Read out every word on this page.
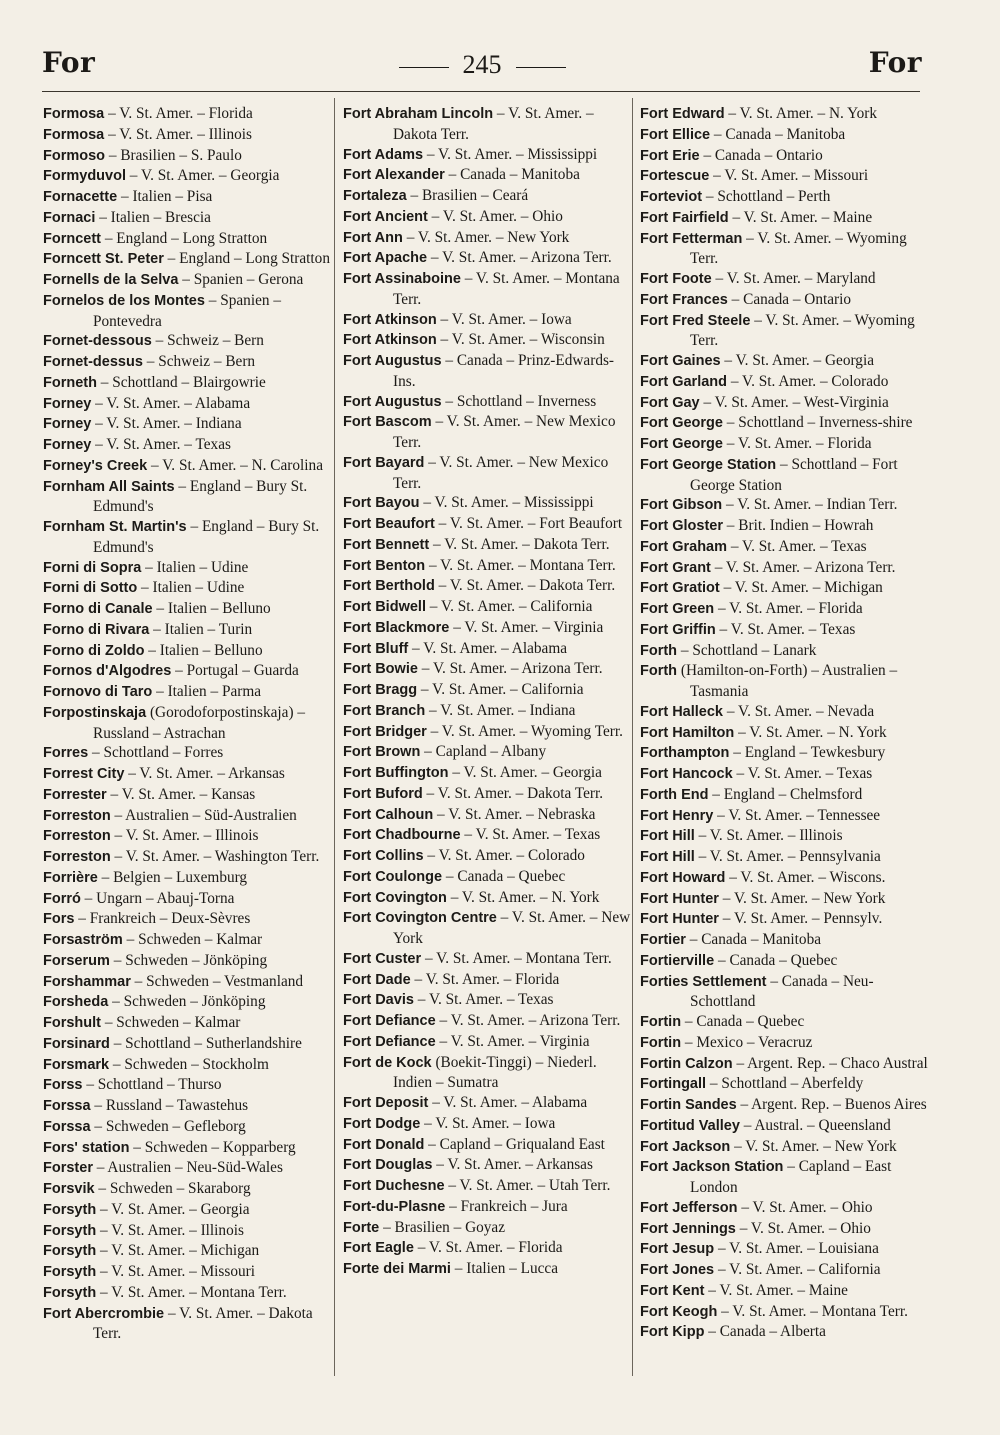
For	245	For

Formosa – V. St. Amer. – Florida

Formosa – V. St. Amer. – Illinois

Formoso – Brasilien – S. Paulo

Formyduvol – V. St. Amer. – Georgia

Fornacette – Italien – Pisa

Fornaci – Italien – Brescia

Forncett – England – Long Stratton

Forncett St. Peter – England – Long Stratton

Fornells de la Selva – Spanien – Gerona

Fornelos de los Montes – Spanien – Pontevedra

Fornet-dessous – Schweiz – Bern

Fornet-dessus – Schweiz – Bern

Forneth – Schottland – Blairgowrie

Forney – V. St. Amer. – Alabama

Forney – V. St. Amer. – Indiana

Forney – V. St. Amer. – Texas

Forney's Creek – V. St. Amer. – N. Carolina

Fornham All Saints – England – Bury St. Edmund's

Fornham St. Martin's – England – Bury St. Edmund's

Forni di Sopra – Italien – Udine

Forni di Sotto – Italien – Udine

Forno di Canale – Italien – Belluno

Forno di Rivara – Italien – Turin

Forno di Zoldo – Italien – Belluno

Fornos d'Algodres – Portugal – Guarda

Fornovo di Taro – Italien – Parma

Forpostinskaja (Gorodoforpostinskaja) – Russland – Astrachan

Forres – Schottland – Forres

Forrest City – V. St. Amer. – Arkansas

Forrester – V. St. Amer. – Kansas

Forreston – Australien – Süd-Australien

Forreston – V. St. Amer. – Illinois

Forreston – V. St. Amer. – Washington Terr.

Forrière – Belgien – Luxemburg

Forró – Ungarn – Abauj-Torna

Fors – Frankreich – Deux-Sèvres

Forsaström – Schweden – Kalmar

Forserum – Schweden – Jönköping

Forshammar – Schweden – Vestmanland

Forsheda – Schweden – Jönköping

Forshult – Schweden – Kalmar

Forsinard – Schottland – Sutherlandshire

Forsmark – Schweden – Stockholm

Forss – Schottland – Thurso

Forssa – Russland – Tawastehus

Forssa – Schweden – Gefleborg

Fors' station – Schweden – Kopparberg

Forster – Australien – Neu-Süd-Wales

Forsvik – Schweden – Skaraborg

Forsyth – V. St. Amer. – Georgia

Forsyth – V. St. Amer. – Illinois

Forsyth – V. St. Amer. – Michigan

Forsyth – V. St. Amer. – Missouri

Forsyth – V. St. Amer. – Montana Terr.

Fort Abercrombie – V. St. Amer. – Dakota Terr.

Fort Abraham Lincoln – V. St. Amer. – Dakota Terr.

Fort Adams – V. St. Amer. – Mississippi

Fort Alexander – Canada – Manitoba

Fortaleza – Brasilien – Ceará

Fort Ancient – V. St. Amer. – Ohio

Fort Ann – V. St. Amer. – New York

Fort Apache – V. St. Amer. – Arizona Terr.

Fort Assinaboine – V. St. Amer. – Montana Terr.

Fort Atkinson – V. St. Amer. – Iowa

Fort Atkinson – V. St. Amer. – Wisconsin

Fort Augustus – Canada – Prinz-Edwards-Ins.

Fort Augustus – Schottland – Inverness

Fort Bascom – V. St. Amer. – New Mexico Terr.

Fort Bayard – V. St. Amer. – New Mexico Terr.

Fort Bayou – V. St. Amer. – Mississippi

Fort Beaufort – V. St. Amer. – Fort Beaufort

Fort Bennett – V. St. Amer. – Dakota Terr.

Fort Benton – V. St. Amer. – Montana Terr.

Fort Berthold – V. St. Amer. – Dakota Terr.

Fort Bidwell – V. St. Amer. – California

Fort Blackmore – V. St. Amer. – Virginia

Fort Bluff – V. St. Amer. – Alabama

Fort Bowie – V. St. Amer. – Arizona Terr.

Fort Bragg – V. St. Amer. – California

Fort Branch – V. St. Amer. – Indiana

Fort Bridger – V. St. Amer. – Wyoming Terr.

Fort Brown – Capland – Albany

Fort Buffington – V. St. Amer. – Georgia

Fort Buford – V. St. Amer. – Dakota Terr.

Fort Calhoun – V. St. Amer. – Nebraska

Fort Chadbourne – V. St. Amer. – Texas

Fort Collins – V. St. Amer. – Colorado

Fort Coulonge – Canada – Quebec

Fort Covington – V. St. Amer. – N. York

Fort Covington Centre – V. St. Amer. – New York

Fort Custer – V. St. Amer. – Montana Terr.

Fort Dade – V. St. Amer. – Florida

Fort Davis – V. St. Amer. – Texas

Fort Defiance – V. St. Amer. – Arizona Terr.

Fort Defiance – V. St. Amer. – Virginia

Fort de Kock (Boekit-Tinggi) – Niederl. Indien – Sumatra

Fort Deposit – V. St. Amer. – Alabama

Fort Dodge – V. St. Amer. – Iowa

Fort Donald – Capland – Griqualand East

Fort Douglas – V. St. Amer. – Arkansas

Fort Duchesne – V. St. Amer. – Utah Terr.

Fort-du-Plasne – Frankreich – Jura

Forte – Brasilien – Goyaz

Fort Eagle – V. St. Amer. – Florida

Forte dei Marmi – Italien – Lucca

Fort Edward – V. St. Amer. – N. York

Fort Ellice – Canada – Manitoba

Fort Erie – Canada – Ontario

Fortescue – V. St. Amer. – Missouri

Forteviot – Schottland – Perth

Fort Fairfield – V. St. Amer. – Maine

Fort Fetterman – V. St. Amer. – Wyoming Terr.

Fort Foote – V. St. Amer. – Maryland

Fort Frances – Canada – Ontario

Fort Fred Steele – V. St. Amer. – Wyoming Terr.

Fort Gaines – V. St. Amer. – Georgia

Fort Garland – V. St. Amer. – Colorado

Fort Gay – V. St. Amer. – West-Virginia

Fort George – Schottland – Inverness-shire

Fort George – V. St. Amer. – Florida

Fort George Station – Schottland – Fort George Station

Fort Gibson – V. St. Amer. – Indian Terr.

Fort Gloster – Brit. Indien – Howrah

Fort Graham – V. St. Amer. – Texas

Fort Grant – V. St. Amer. – Arizona Terr.

Fort Gratiot – V. St. Amer. – Michigan

Fort Green – V. St. Amer. – Florida

Fort Griffin – V. St. Amer. – Texas

Forth – Schottland – Lanark

Forth (Hamilton-on-Forth) – Australien – Tasmania

Fort Halleck – V. St. Amer. – Nevada

Fort Hamilton – V. St. Amer. – N. York

Forthampton – England – Tewkesbury

Fort Hancock – V. St. Amer. – Texas

Forth End – England – Chelmsford

Fort Henry – V. St. Amer. – Tennessee

Fort Hill – V. St. Amer. – Illinois

Fort Hill – V. St. Amer. – Pennsylvania

Fort Howard – V. St. Amer. – Wiscons.

Fort Hunter – V. St. Amer. – New York

Fort Hunter – V. St. Amer. – Pennsylv.

Fortier – Canada – Manitoba

Fortierville – Canada – Quebec

Forties Settlement – Canada – Neu-Schottland

Fortin – Canada – Quebec

Fortin – Mexico – Veracruz

Fortin Calzon – Argent. Rep. – Chaco Austral

Fortingall – Schottland – Aberfeldy

Fortin Sandes – Argent. Rep. – Buenos Aires

Fortitud Valley – Austral. – Queensland

Fort Jackson – V. St. Amer. – New York

Fort Jackson Station – Capland – East London

Fort Jefferson – V. St. Amer. – Ohio

Fort Jennings – V. St. Amer. – Ohio

Fort Jesup – V. St. Amer. – Louisiana

Fort Jones – V. St. Amer. – California

Fort Kent – V. St. Amer. – Maine

Fort Keogh – V. St. Amer. – Montana Terr.

Fort Kipp – Canada – Alberta
